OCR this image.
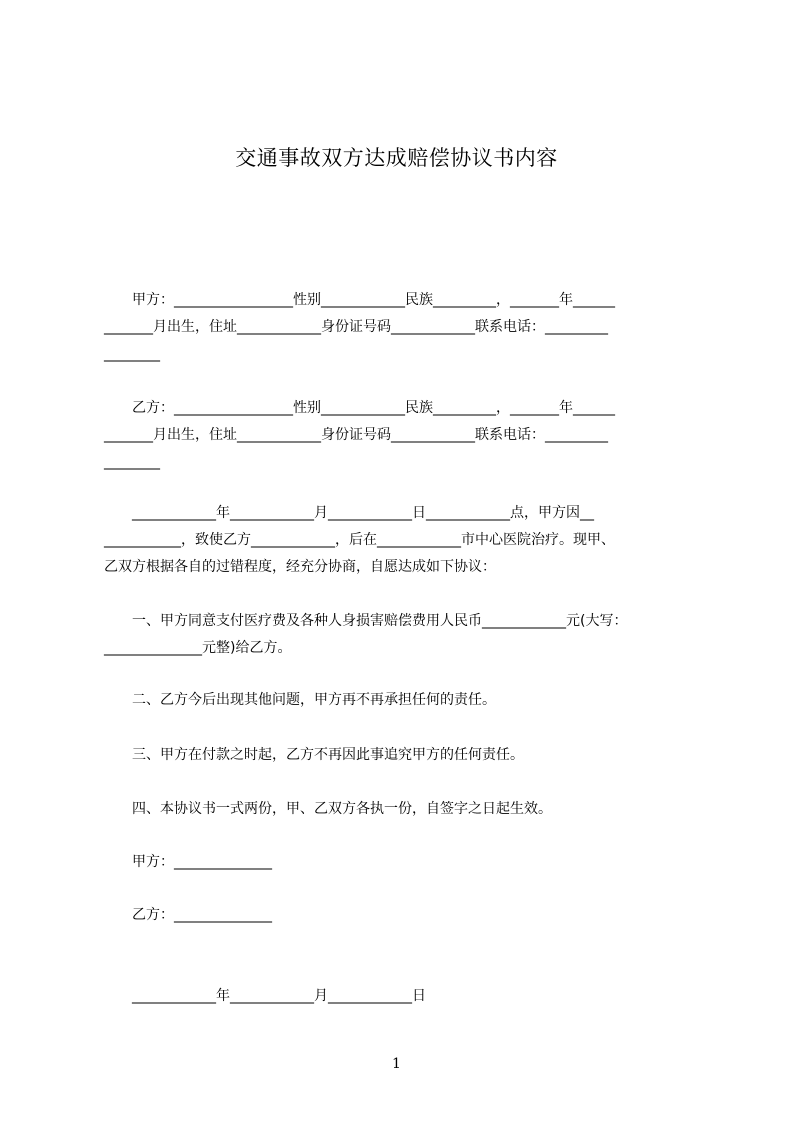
交通事故双方达成赔偿协议书内容
　　甲方：_________________性别____________民族_________，_______年______
_______月出生，住址____________身份证号码____________联系电话：_________
________
　　乙方：_________________性别____________民族_________，_______年______
_______月出生，住址____________身份证号码____________联系电话：_________
________
　　____________年____________月____________日____________点，甲方因__
___________，致使乙方____________，后在____________市中心医院治疗。现甲、
乙双方根据各自的过错程度，经充分协商，自愿达成如下协议：
　　一、甲方同意支付医疗费及各种人身损害赔偿费用人民币____________元(大写：
______________元整)给乙方。
　　二、乙方今后出现其他问题，甲方再不再承担任何的责任。
　　三、甲方在付款之时起，乙方不再因此事追究甲方的任何责任。
　　四、本协议书一式两份，甲、乙双方各执一份，自签字之日起生效。
　　甲方：______________
　　乙方：______________
　　____________年____________月____________日
1
